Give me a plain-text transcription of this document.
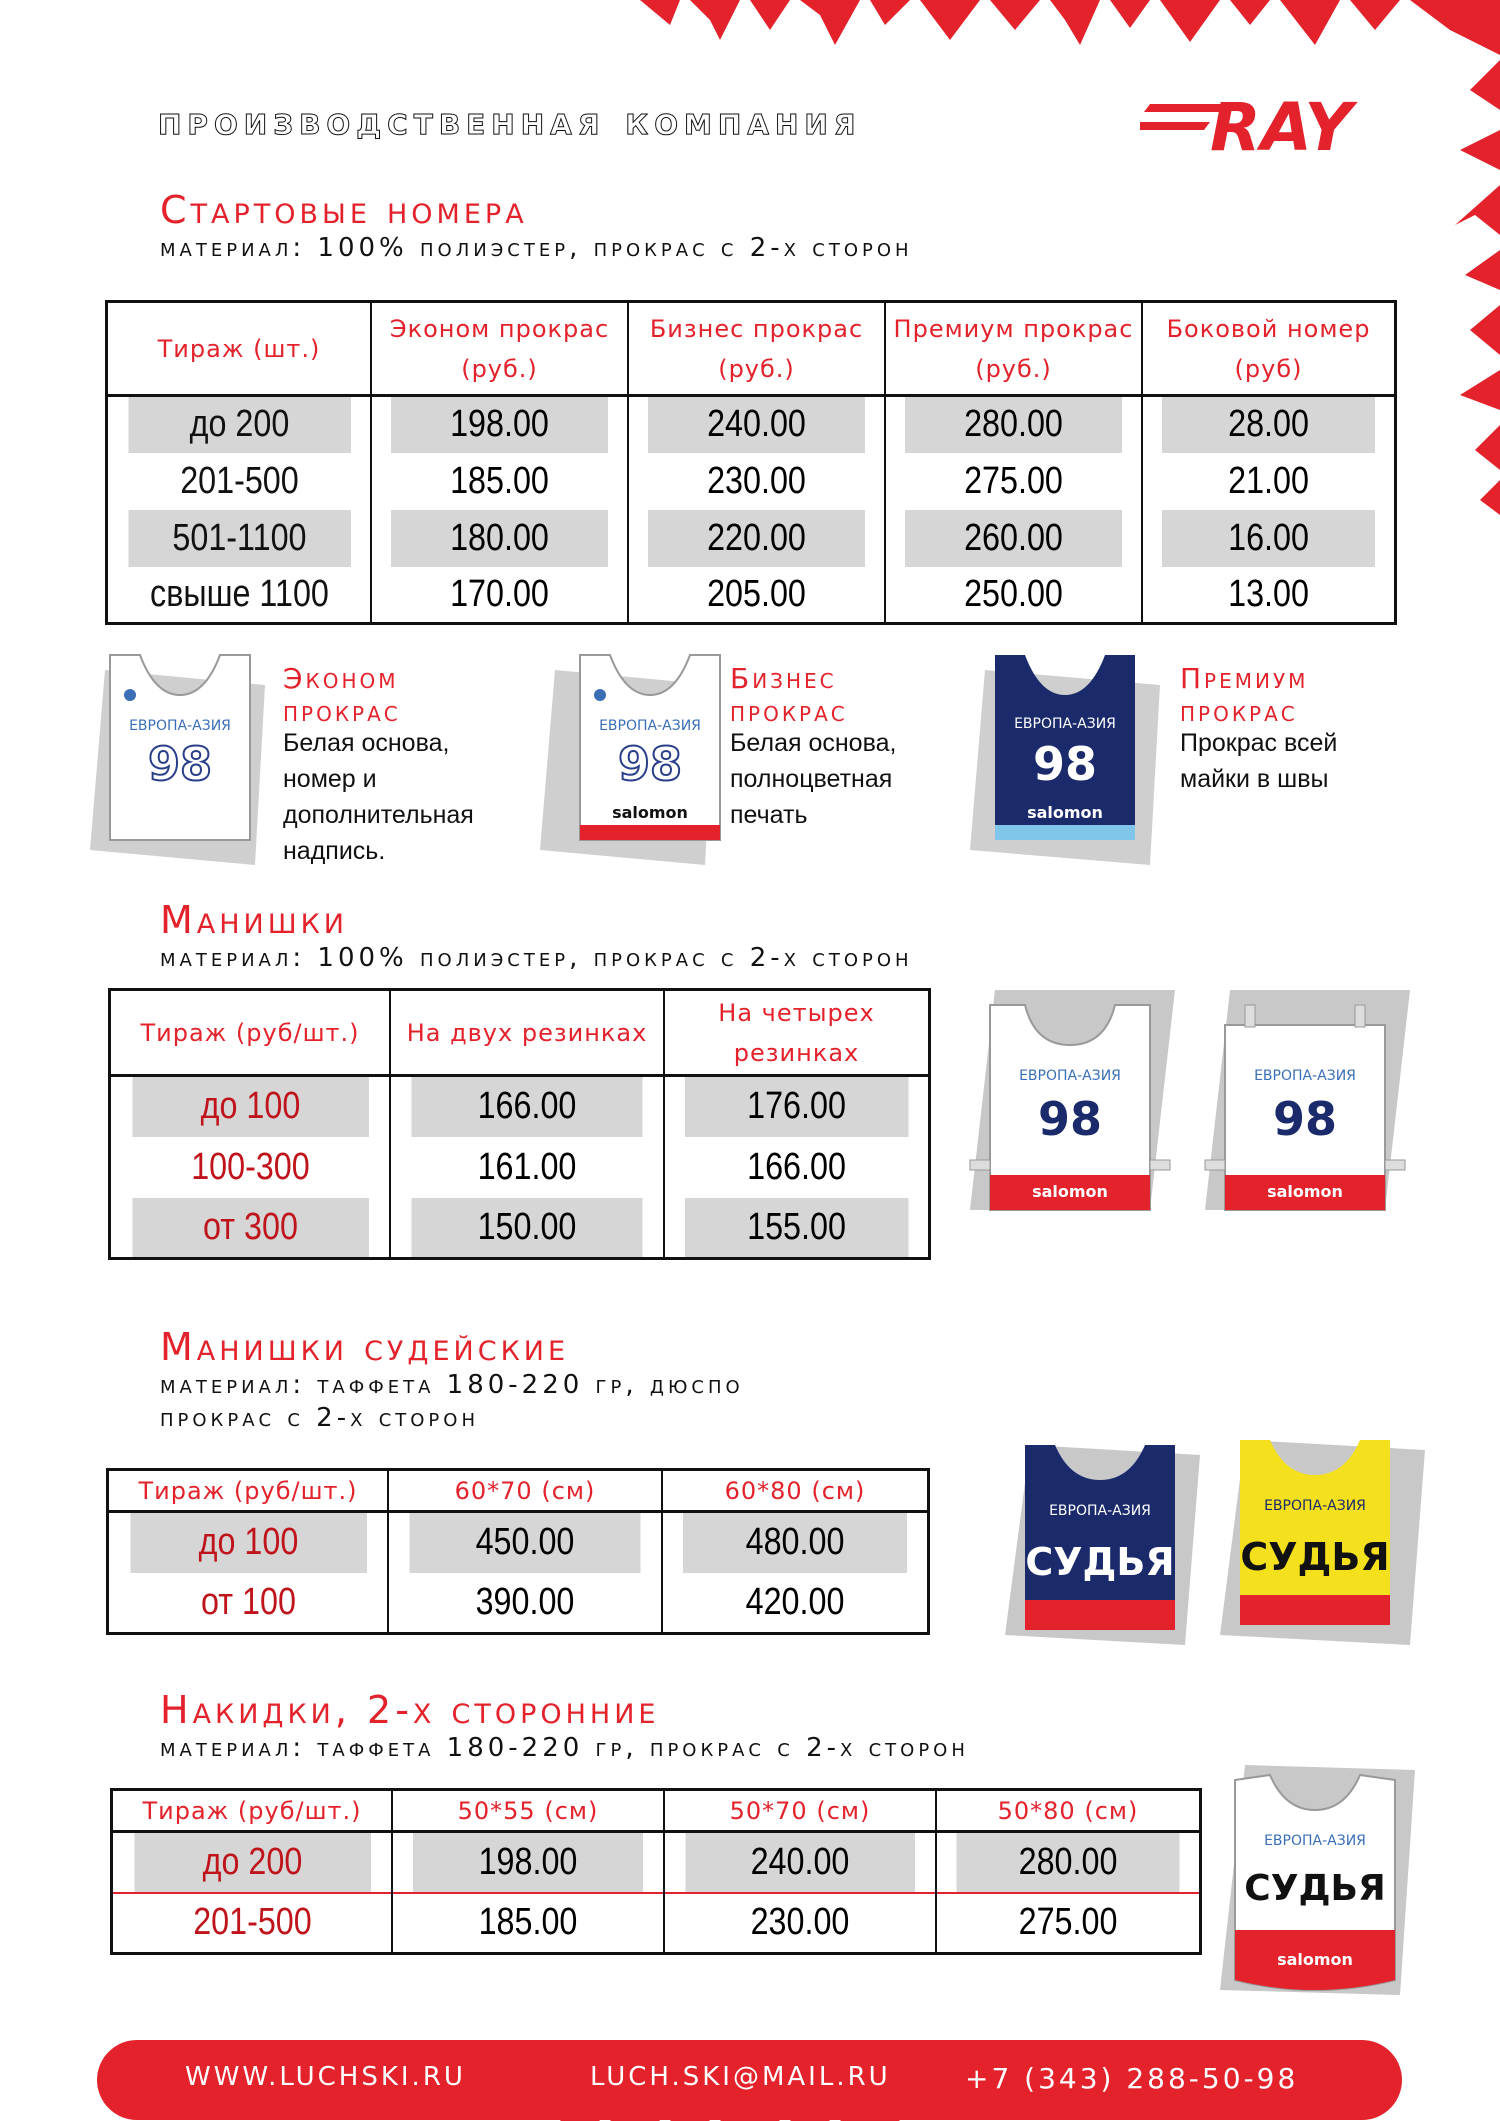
производственная компания	RAY
Стартовые номера
материал: 100% полиэстер, прокрас с 2-х сторон
Тираж (шт.)	Эконом прокрас (руб.)	Бизнес прокрас (руб.)	Премиум прокрас (руб.)	Боковой номер (руб)
до 200	198.00	240.00	280.00	28.00
201-500	185.00	230.00	275.00	21.00
501-1100	180.00	220.00	260.00	16.00
свыше 1100	170.00	205.00	250.00	13.00
ЕВРОПА-АЗИЯ
98
Эконом
прокрас
Белая основа,
номер и
дополнительная
надпись.
ЕВРОПА-АЗИЯ
98
salomon
Бизнес
прокрас
Белая основа,
полноцветная
печать
ЕВРОПА-АЗИЯ
98
salomon
Премиум
прокрас
Прокрас всей
майки в швы
Манишки
материал: 100% полиэстер, прокрас с 2-х сторон
Тираж (руб/шт.)	На двух резинках	На четырех резинках
до 100	166.00	176.00
100-300	161.00	166.00
от 300	150.00	155.00
ЕВРОПА-АЗИЯ
98
salomon
ЕВРОПА-АЗИЯ
98
salomon
Манишки судейские
материал: таффета 180-220 гр, дюспо
прокрас с 2-х сторон
Тираж (руб/шт.)	60*70 (см)	60*80 (см)
до 100	450.00	480.00
от 100	390.00	420.00
ЕВРОПА-АЗИЯ
СУДЬЯ
ЕВРОПА-АЗИЯ
СУДЬЯ
Накидки, 2-х сторонние
материал: таффета 180-220 гр, прокрас с 2-х сторон
Тираж (руб/шт.)	50*55 (см)	50*70 (см)	50*80 (см)
до 200	198.00	240.00	280.00
201-500	185.00	230.00	275.00
ЕВРОПА-АЗИЯ
СУДЬЯ
salomon
WWW.LUCHSKI.RU	LUCH.SKI@MAIL.RU	+7 (343) 288-50-98
